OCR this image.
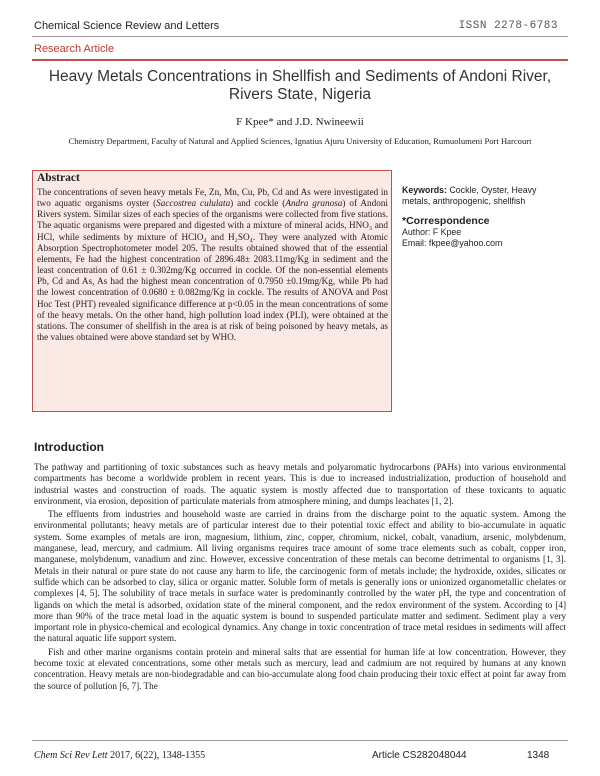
Chemical Science Review and Letters	ISSN 2278-6783
Research Article
Heavy Metals Concentrations in Shellfish and Sediments of Andoni River, Rivers State, Nigeria
F Kpee* and J.D. Nwineewii
Chemistry Department, Faculty of Natural and Applied Sciences, Ignatius Ajuru University of Education, Rumuolumeni Port Harcourt
Abstract
The concentrations of seven heavy metals Fe, Zn, Mn, Cu, Pb, Cd and As were investigated in two aquatic organisms oyster (Saccostrea cululata) and cockle (Andra granosa) of Andoni Rivers system. Similar sizes of each species of the organisms were collected from five stations. The aquatic organisms were prepared and digested with a mixture of mineral acids, HNO₃ and HCl, while sediments by mixture of HClO₄ and H₂SO₄. They were analyzed with Atomic Absorption Spectrophotometer model 205. The results obtained showed that of the essential elements, Fe had the highest concentration of 2896.48± 2083.11mg/Kg in sediment and the least concentration of 0.61 ± 0.302mg/Kg occurred in cockle. Of the non-essential elements Pb, Cd and As, As had the highest mean concentration of 0.7950 ±0.19mg/Kg, while Pb had the lowest concentration of 0.0680 ± 0.082mg/Kg in cockle. The results of ANOVA and Post Hoc Test (PHT) revealed significance difference at p<0.05 in the mean concentrations of some of the heavy metals. On the other hand, high pollution load index (PLI), were obtained at the stations. The consumer of shellfish in the area is at risk of being poisoned by heavy metals, as the values obtained were above standard set by WHO.
Keywords: Cockle, Oyster, Heavy metals, anthropogenic, shellfish
*Correspondence
Author: F Kpee
Email: fkpee@yahoo.com
Introduction

The pathway and partitioning of toxic substances such as heavy metals and polyaromatic hydrocarbons (PAHs) into various environmental compartments has become a worldwide problem in recent years. This is due to increased industrialization, production of household and industrial wastes and construction of roads. The aquatic system is mostly affected due to transportation of these toxicants to aquatic environment, via erosion, deposition of particulate materials from atmosphere mining, and dumps leachates [1, 2].

The effluents from industries and household waste are carried in drains from the discharge point to the aquatic system. Among the environmental pollutants; heavy metals are of particular interest due to their potential toxic effect and ability to bio-accumulate in aquatic system. Some examples of metals are iron, magnesium, lithium, zinc, copper, chromium, nickel, cobalt, vanadium, arsenic, molybdenum, manganese, lead, mercury, and cadmium. All living organisms requires trace amount of some trace elements such as cobalt, copper iron, manganese, molybdenum, vanadium and zinc. However, excessive concentration of these metals can become detrimental to organisms [1, 3]. Metals in their natural or pure state do not cause any harm to life, the carcinogenic form of metals include; the hydroxide, oxides, silicates or sulfide which can be adsorbed to clay, silica or organic matter. Soluble form of metals is generally ions or unionized organometallic chelates or complexes [4, 5]. The solubility of trace metals in surface water is predominantly controlled by the water pH, the type and concentration of ligands on which the metal is adsorbed, oxidation state of the mineral component, and the redox environment of the system. According to [4] more than 90% of the trace metal load in the aquatic system is bound to suspended particulate matter and sediment. Sediment play a very important role in physico-chemical and ecological dynamics. Any change in toxic concentration of trace metal residues in sediments will affect the natural aquatic life support system.

Fish and other marine organisms contain protein and mineral salts that are essential for human life at low concentration. However, they become toxic at elevated concentrations, some other metals such as mercury, lead and cadmium are not required by humans at any known concentration. Heavy metals are non-biodegradable and can bio-accumulate along food chain producing their toxic effect at point far away from the source of pollution [6, 7]. The

Chem Sci Rev Lett 2017, 6(22), 1348-1355	Article CS282048044	1348
